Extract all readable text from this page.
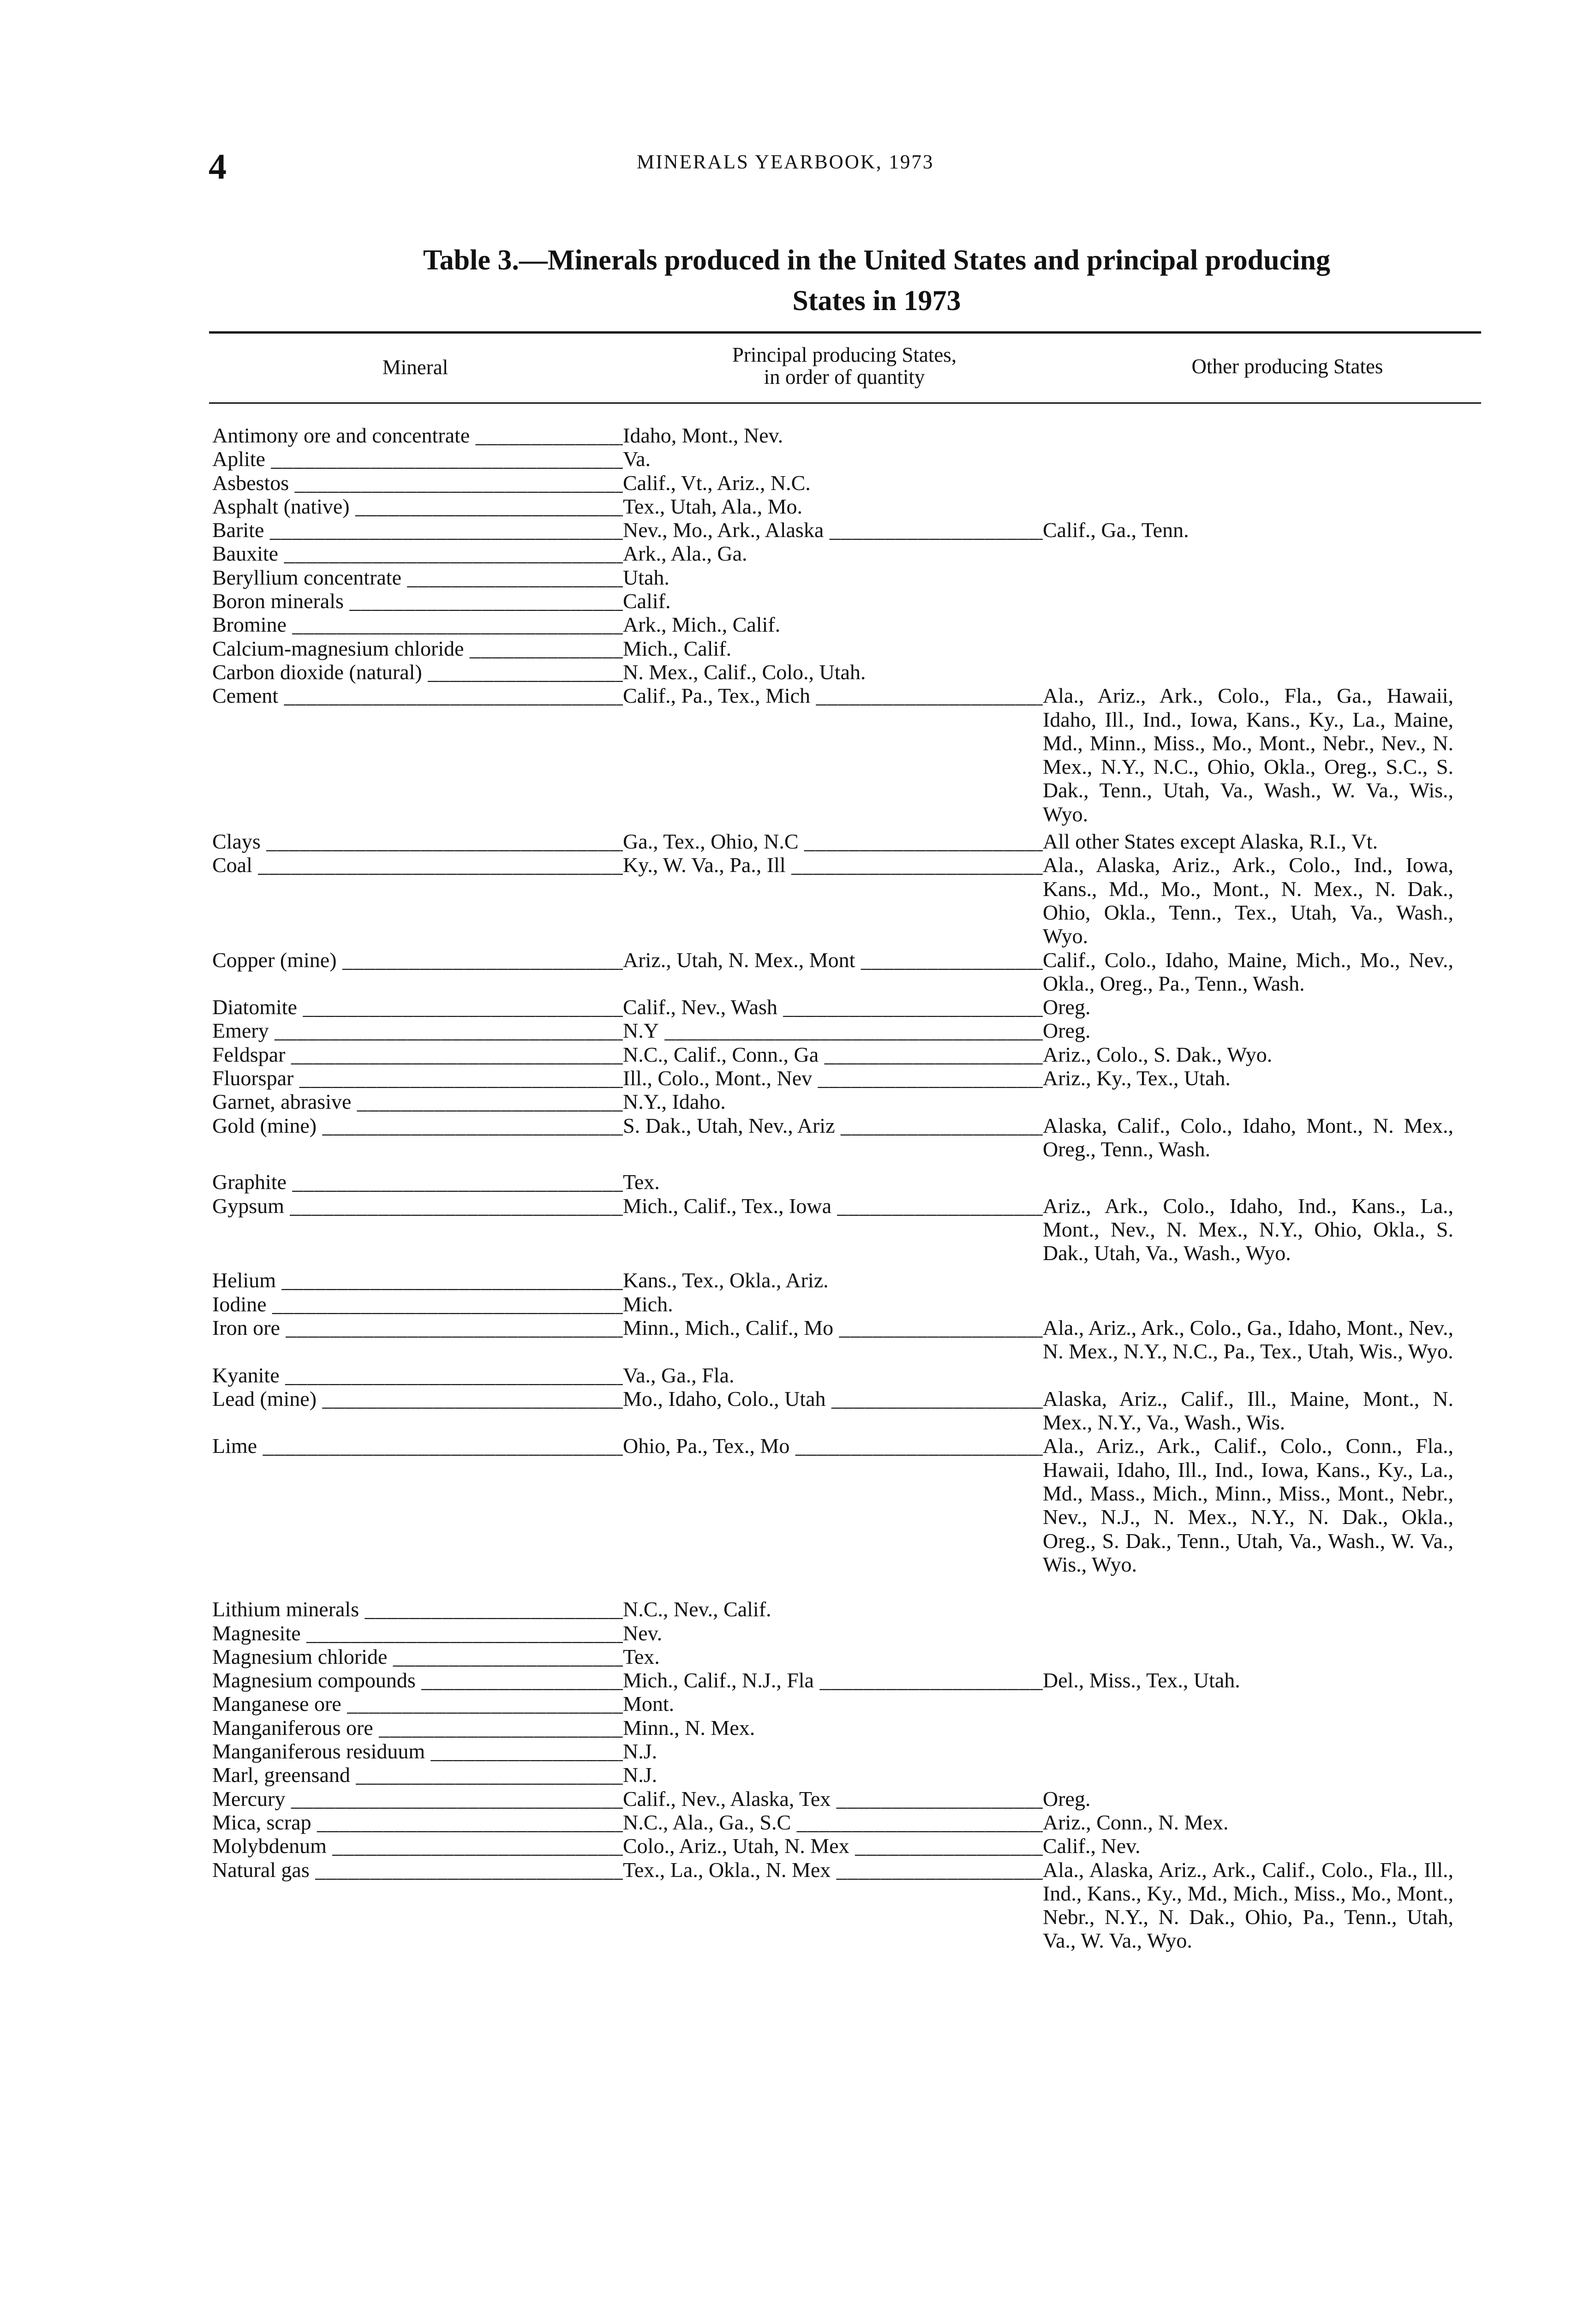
4	MINERALS YEARBOOK, 1973
Table 3.—Minerals produced in the United States and principal producing
States in 1973
Mineral
Principal producing States,
in order of quantity	Other producing States
Antimony ore and concentrate _____	Idaho, Mont., Nev.
Aplite _____	Va.
Asbestos _____	Calif., Vt., Ariz., N.C.
Asphalt (native) _____	Tex., Utah, Ala., Mo.
Barite _____	Nev., Mo., Ark., Alaska _____	Calif., Ga., Tenn.
Bauxite _____	Ark., Ala., Ga.
Beryllium concentrate _____	Utah.
Boron minerals _____	Calif.
Bromine _____	Ark., Mich., Calif.
Calcium-magnesium chloride _____	Mich., Calif.
Carbon dioxide (natural) _____	N. Mex., Calif., Colo., Utah.
Cement _____	Calif., Pa., Tex., Mich _____	Ala., Ariz., Ark., Colo., Fla., Ga., Hawaii, Idaho, Ill., Ind., Iowa, Kans., Ky., La., Maine, Md., Minn., Miss., Mo., Mont., Nebr., Nev., N. Mex., N.Y., N.C., Ohio, Okla., Oreg., S.C., S. Dak., Tenn., Utah, Va., Wash., W. Va., Wis., Wyo.
Clays _____	Ga., Tex., Ohio, N.C _____	All other States except Alaska, R.I., Vt.
Coal _____	Ky., W. Va., Pa., Ill _____	Ala., Alaska, Ariz., Ark., Colo., Ind., Iowa, Kans., Md., Mo., Mont., N. Mex., N. Dak., Ohio, Okla., Tenn., Tex., Utah, Va., Wash., Wyo.
Copper (mine) _____	Ariz., Utah, N. Mex., Mont _____	Calif., Colo., Idaho, Maine, Mich., Mo., Nev., Okla., Oreg., Pa., Tenn., Wash.
Diatomite _____	Calif., Nev., Wash _____	Oreg.
Emery _____	N.Y _____	Oreg.
Feldspar _____	N.C., Calif., Conn., Ga _____	Ariz., Colo., S. Dak., Wyo.
Fluorspar _____	Ill., Colo., Mont., Nev _____	Ariz., Ky., Tex., Utah.
Garnet, abrasive _____	N.Y., Idaho.
Gold (mine) _____	S. Dak., Utah, Nev., Ariz _____	Alaska, Calif., Colo., Idaho, Mont., N. Mex., Oreg., Tenn., Wash.
Graphite _____	Tex.
Gypsum _____	Mich., Calif., Tex., Iowa _____	Ariz., Ark., Colo., Idaho, Ind., Kans., La., Mont., Nev., N. Mex., N.Y., Ohio, Okla., S. Dak., Utah, Va., Wash., Wyo.
Helium _____	Kans., Tex., Okla., Ariz.
Iodine _____	Mich.
Iron ore _____	Minn., Mich., Calif., Mo _____	Ala., Ariz., Ark., Colo., Ga., Idaho, Mont., Nev., N. Mex., N.Y., N.C., Pa., Tex., Utah, Wis., Wyo.
Kyanite _____	Va., Ga., Fla.
Lead (mine) _____	Mo., Idaho, Colo., Utah _____	Alaska, Ariz., Calif., Ill., Maine, Mont., N. Mex., N.Y., Va., Wash., Wis.
Lime _____	Ohio, Pa., Tex., Mo _____	Ala., Ariz., Ark., Calif., Colo., Conn., Fla., Hawaii, Idaho, Ill., Ind., Iowa, Kans., Ky., La., Md., Mass., Mich., Minn., Miss., Mont., Nebr., Nev., N.J., N. Mex., N.Y., N. Dak., Okla., Oreg., S. Dak., Tenn., Utah, Va., Wash., W. Va., Wis., Wyo.
Lithium minerals _____	N.C., Nev., Calif.
Magnesite _____	Nev.
Magnesium chloride _____	Tex.
Magnesium compounds _____	Mich., Calif., N.J., Fla _____	Del., Miss., Tex., Utah.
Manganese ore _____	Mont.
Manganiferous ore _____	Minn., N. Mex.
Manganiferous residuum _____	N.J.
Marl, greensand _____	N.J.
Mercury _____	Calif., Nev., Alaska, Tex _____	Oreg.
Mica, scrap _____	N.C., Ala., Ga., S.C _____	Ariz., Conn., N. Mex.
Molybdenum _____	Colo., Ariz., Utah, N. Mex _____	Calif., Nev.
Natural gas _____	Tex., La., Okla., N. Mex _____	Ala., Alaska, Ariz., Ark., Calif., Colo., Fla., Ill., Ind., Kans., Ky., Md., Mich., Miss., Mo., Mont., Nebr., N.Y., N. Dak., Ohio, Pa., Tenn., Utah, Va., W. Va., Wyo.
